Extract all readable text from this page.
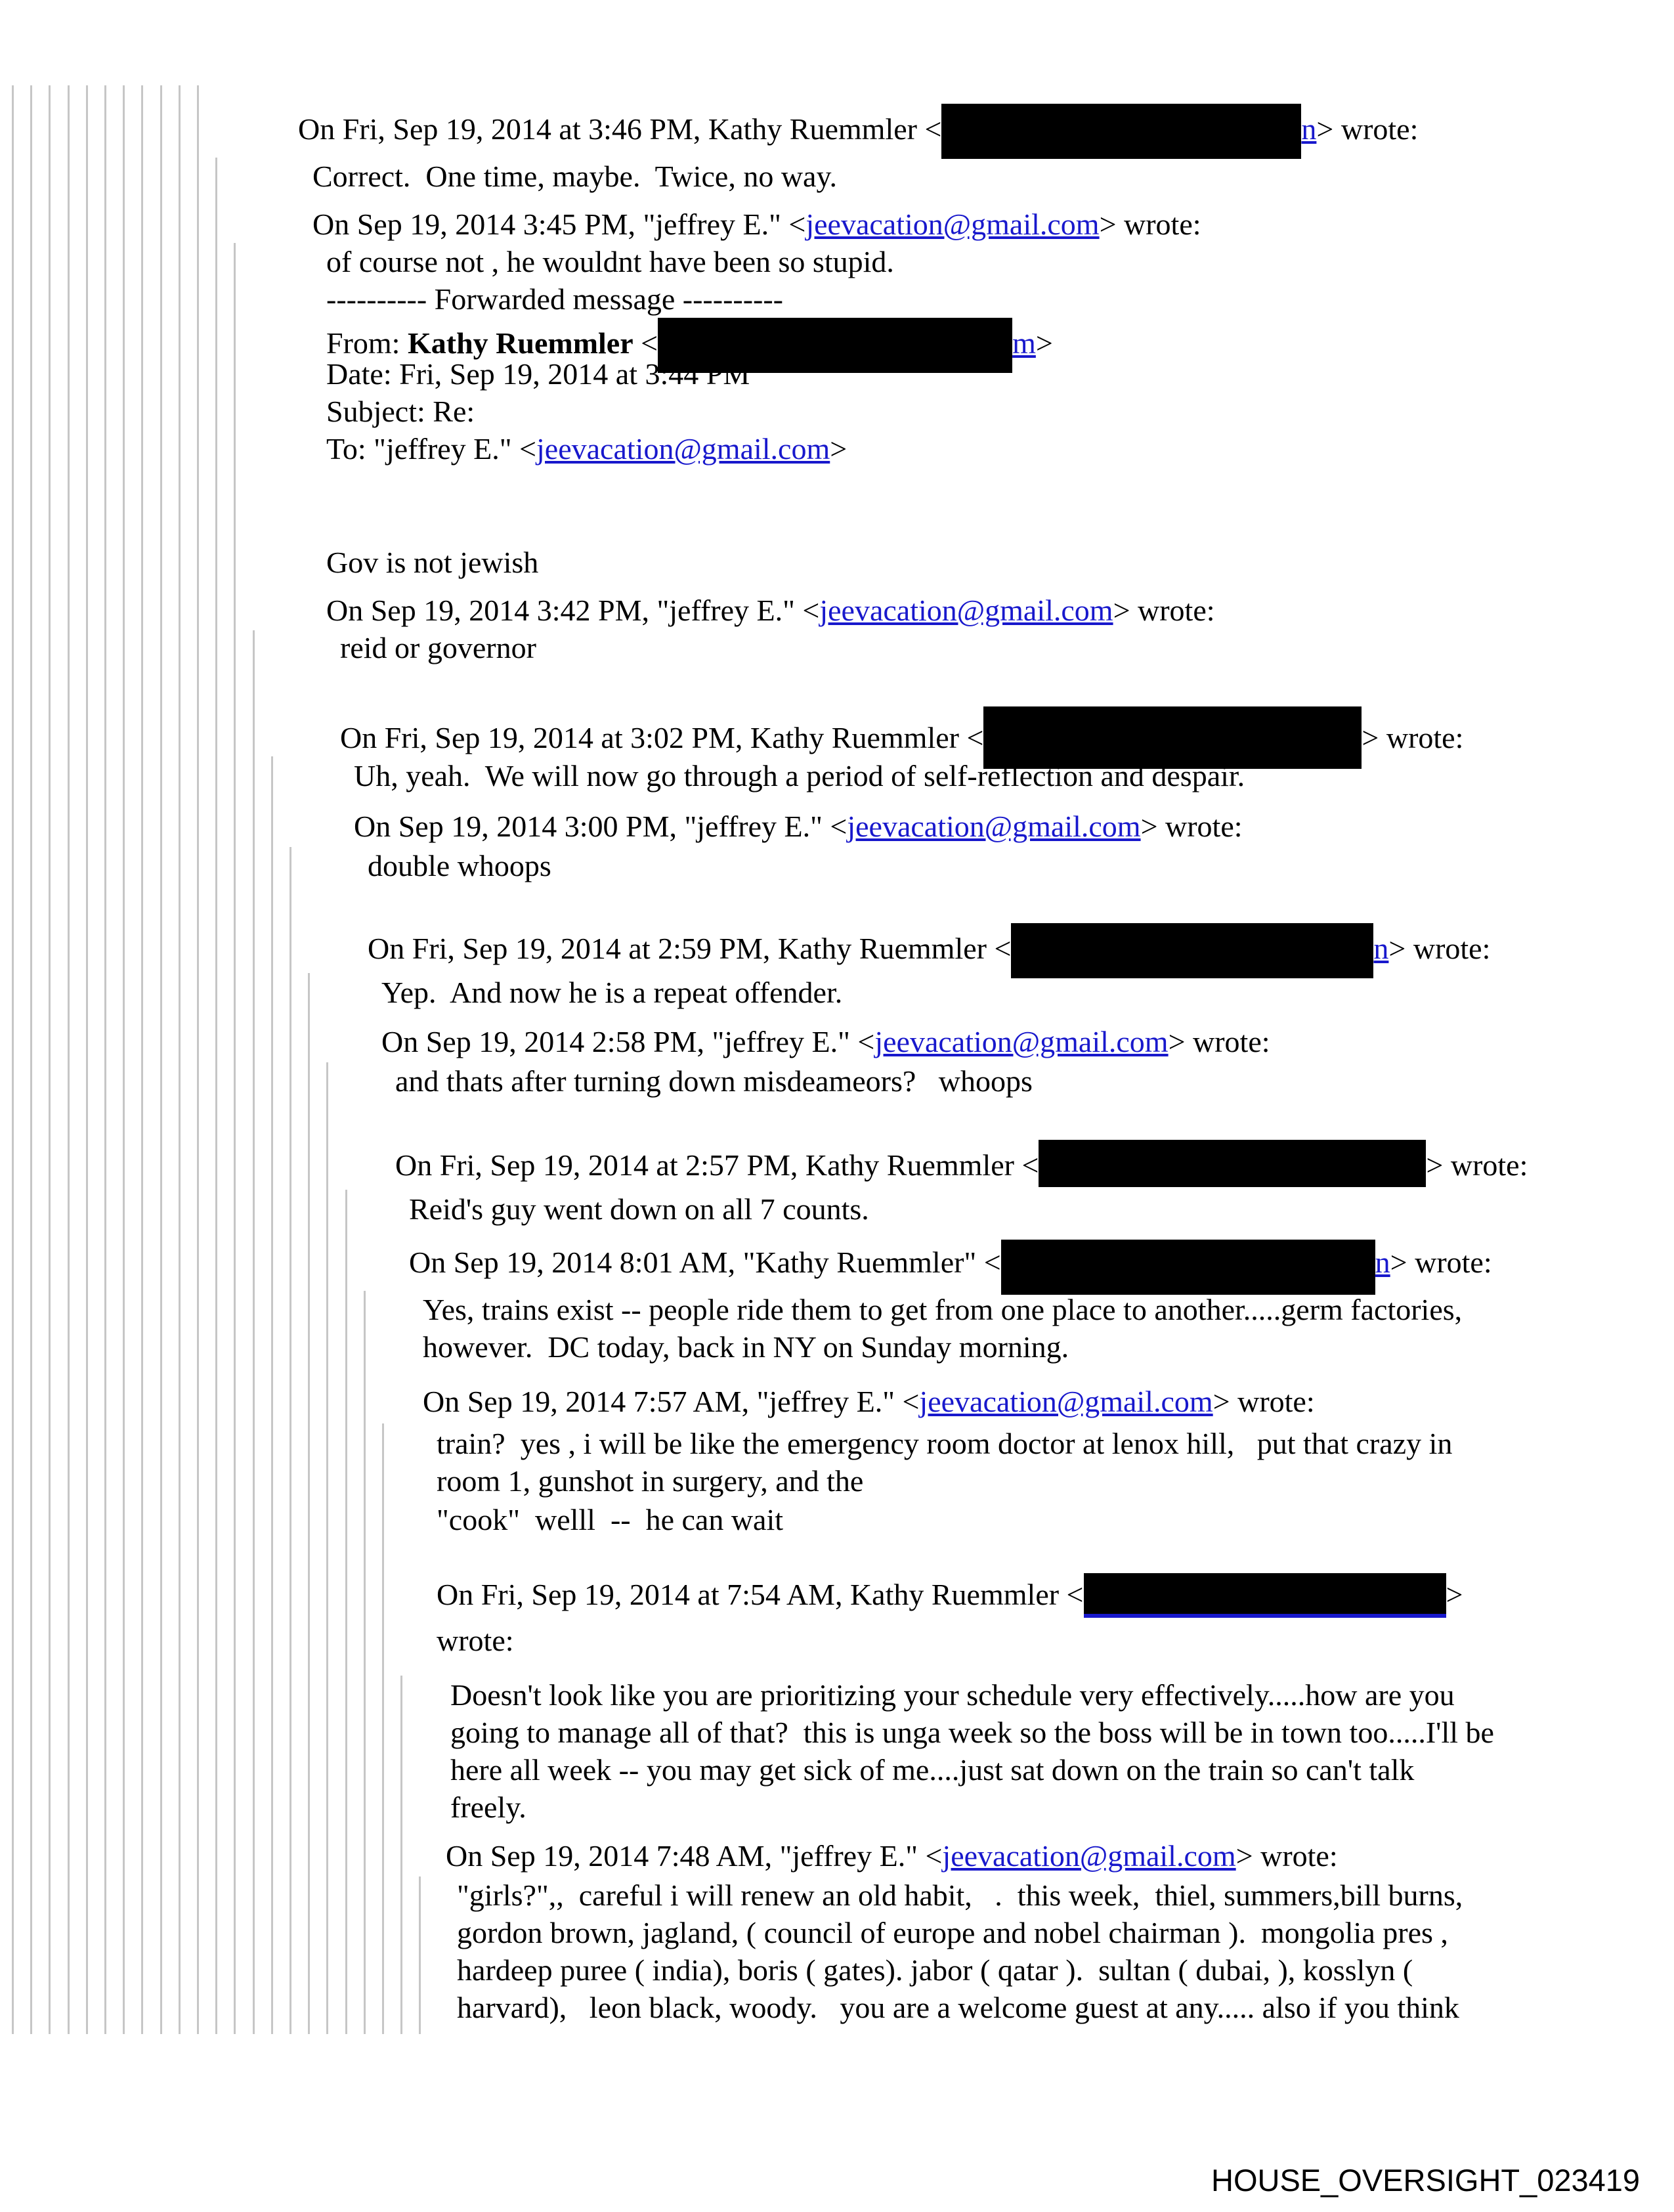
On Fri, Sep 19, 2014 at 3:46 PM, Kathy Ruemmler <	n> wrote:
Correct.  One time, maybe.  Twice, no way.
On Sep 19, 2014 3:45 PM, "jeffrey E." <jeevacation@gmail.com> wrote:
of course not , he wouldnt have been so stupid.
---------- Forwarded message ----------
From: Kathy Ruemmler <	m>
Date: Fri, Sep 19, 2014 at 3:44 PM
Subject: Re:
To: "jeffrey E." <jeevacation@gmail.com>
Gov is not jewish
On Sep 19, 2014 3:42 PM, "jeffrey E." <jeevacation@gmail.com> wrote:
reid or governor
On Fri, Sep 19, 2014 at 3:02 PM, Kathy Ruemmler <	> wrote:
Uh, yeah.  We will now go through a period of self-reflection and despair.
On Sep 19, 2014 3:00 PM, "jeffrey E." <jeevacation@gmail.com> wrote:
double whoops
On Fri, Sep 19, 2014 at 2:59 PM, Kathy Ruemmler <	n> wrote:
Yep.  And now he is a repeat offender.
On Sep 19, 2014 2:58 PM, "jeffrey E." <jeevacation@gmail.com> wrote:
and thats after turning down misdeameors?   whoops
On Fri, Sep 19, 2014 at 2:57 PM, Kathy Ruemmler <	> wrote:
Reid's guy went down on all 7 counts.
On Sep 19, 2014 8:01 AM, "Kathy Ruemmler" <	n> wrote:
Yes, trains exist -- people ride them to get from one place to another.....germ factories,
however.  DC today, back in NY on Sunday morning.
On Sep 19, 2014 7:57 AM, "jeffrey E." <jeevacation@gmail.com> wrote:
train?  yes , i will be like the emergency room doctor at lenox hill,   put that crazy in
room 1, gunshot in surgery, and the
"cook"  welll  --  he can wait
On Fri, Sep 19, 2014 at 7:54 AM, Kathy Ruemmler <	>
wrote:
Doesn't look like you are prioritizing your schedule very effectively.....how are you
going to manage all of that?  this is unga week so the boss will be in town too.....I'll be
here all week -- you may get sick of me....just sat down on the train so can't talk
freely.
On Sep 19, 2014 7:48 AM, "jeffrey E." <jeevacation@gmail.com> wrote:
"girls?",,  careful i will renew an old habit,   .  this week,  thiel, summers,bill burns,
gordon brown, jagland, ( council of europe and nobel chairman ).  mongolia pres ,
hardeep puree ( india), boris ( gates). jabor ( qatar ).  sultan ( dubai, ), kosslyn (
harvard),   leon black, woody.   you are a welcome guest at any..... also if you think
HOUSE_OVERSIGHT_023419
